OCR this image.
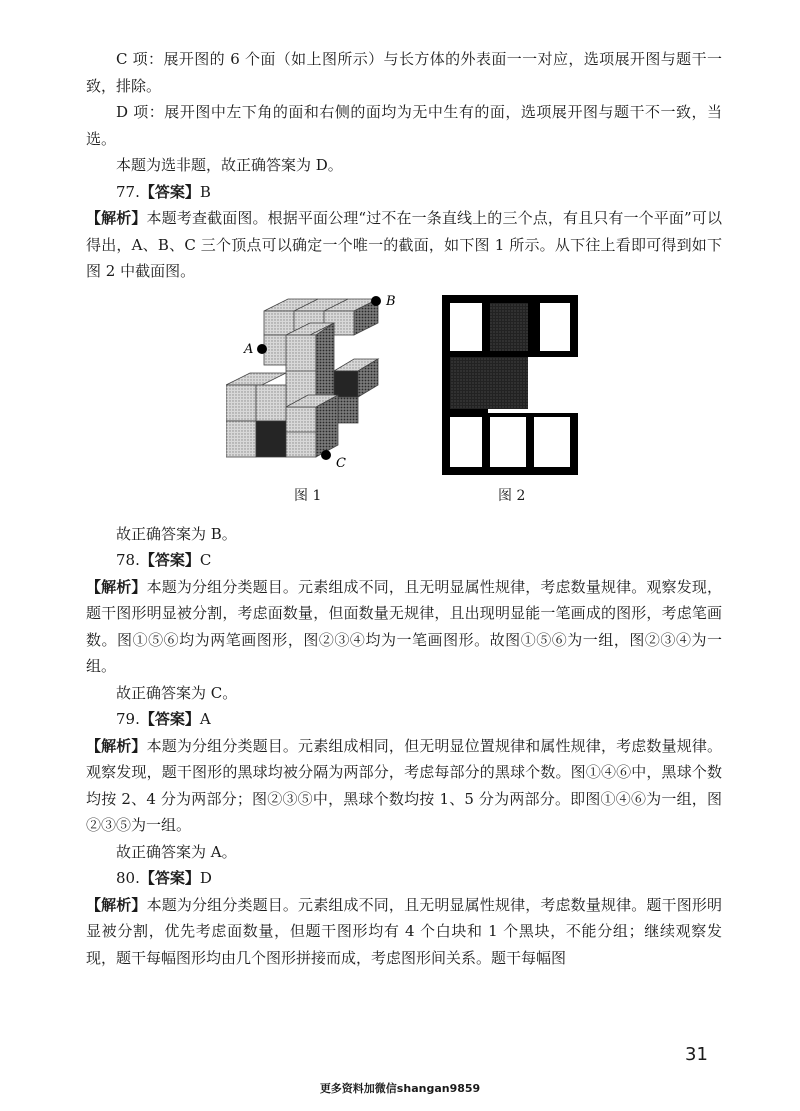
C 项：展开图的 6 个面（如上图所示）与长方体的外表面一一对应，选项展开图与题干一致，排除。

D 项：展开图中左下角的面和右侧的面均为无中生有的面，选项展开图与题干不一致，当选。

本题为选非题，故正确答案为 D。

77.【答案】B

【解析】本题考查截面图。根据平面公理“过不在一条直线上的三个点，有且只有一个平面”可以得出，A、B、C 三个顶点可以确定一个唯一的截面，如下图 1 所示。从下往上看即可得到如下图 2 中截面图。

A
B
C
图 1	图 2

故正确答案为 B。

78.【答案】C

【解析】本题为分组分类题目。元素组成不同，且无明显属性规律，考虑数量规律。观察发现，题干图形明显被分割，考虑面数量，但面数量无规律，且出现明显能一笔画成的图形，考虑笔画数。图①⑤⑥均为两笔画图形，图②③④均为一笔画图形。故图①⑤⑥为一组，图②③④为一组。

故正确答案为 C。

79.【答案】A

【解析】本题为分组分类题目。元素组成相同，但无明显位置规律和属性规律，考虑数量规律。观察发现，题干图形的黑球均被分隔为两部分，考虑每部分的黑球个数。图①④⑥中，黑球个数均按 2、4 分为两部分；图②③⑤中，黑球个数均按 1、5 分为两部分。即图①④⑥为一组，图②③⑤为一组。

故正确答案为 A。

80.【答案】D

【解析】本题为分组分类题目。元素组成不同，且无明显属性规律，考虑数量规律。题干图形明显被分割，优先考虑面数量，但题干图形均有 4 个白块和 1 个黑块，不能分组；继续观察发现，题干每幅图形均由几个图形拼接而成，考虑图形间关系。题干每幅图

31
更多资料加微信shangan9859
